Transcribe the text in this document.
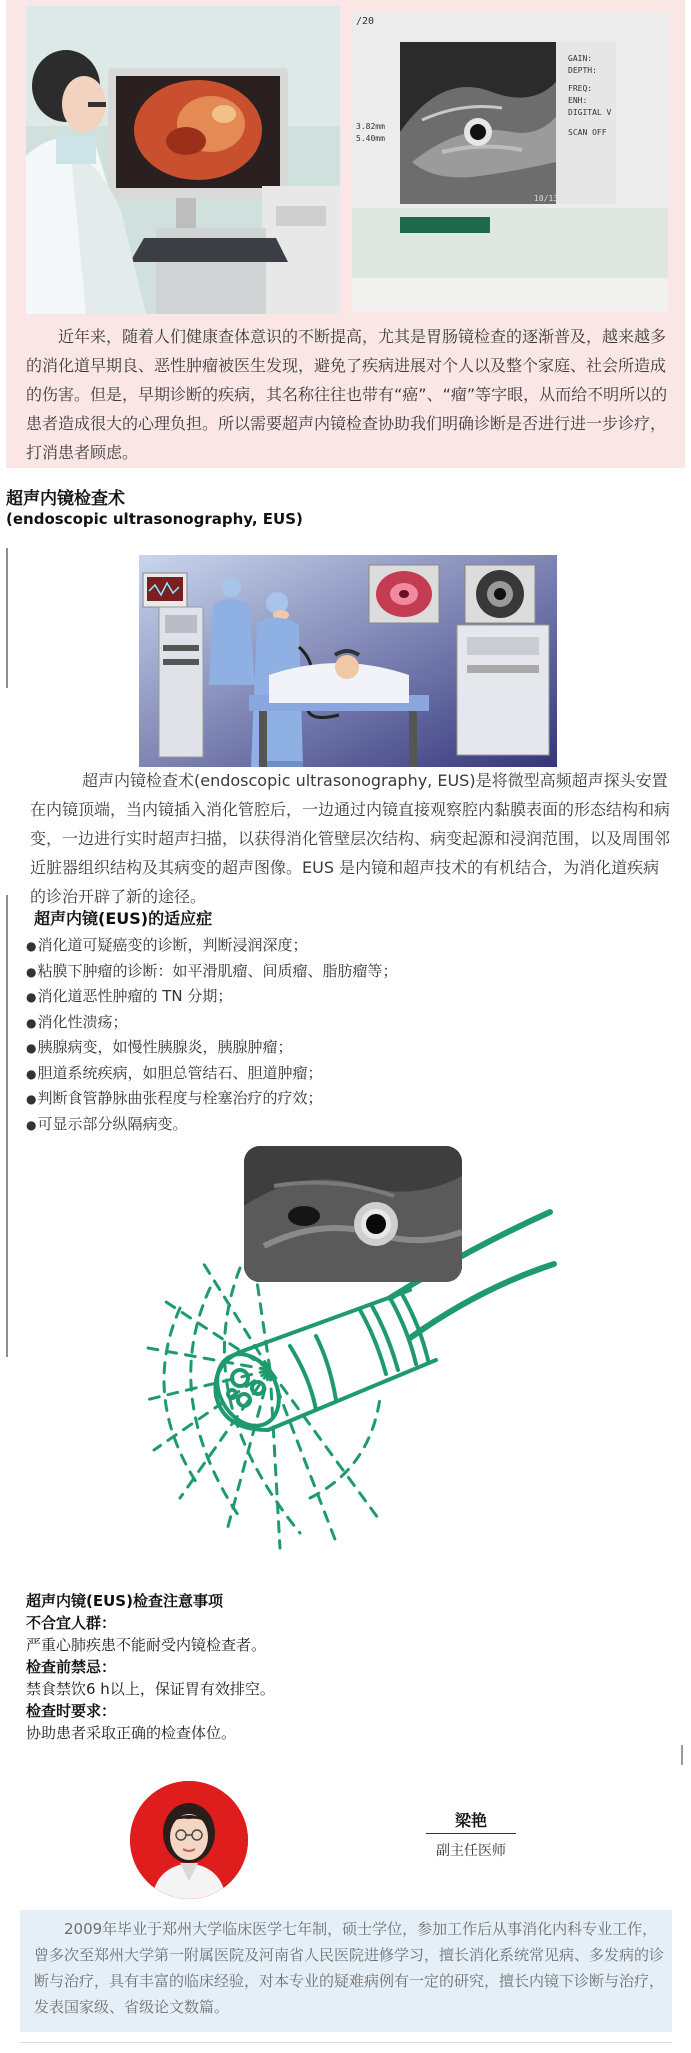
/20
GAIN:
DEPTH:
FREQ:
ENH:
DIGITAL V
SCAN OFF
3.82mm
5.40mm
10/13

近年来，随着人们健康查体意识的不断提高，尤其是胃肠镜检查的逐渐普及，越来越多的消化道早期良、恶性肿瘤被医生发现，避免了疾病进展对个人以及整个家庭、社会所造成的伤害。但是，早期诊断的疾病，其名称往往也带有“癌”、“瘤”等字眼，从而给不明所以的患者造成很大的心理负担。所以需要超声内镜检查协助我们明确诊断是否进行进一步诊疗，打消患者顾虑。

超声内镜检查术

(endoscopic ultrasonography, EUS)

超声内镜检查术(endoscopic ultrasonography, EUS)是将微型高频超声探头安置在内镜顶端，当内镜插入消化管腔后，一边通过内镜直接观察腔内黏膜表面的形态结构和病变，一边进行实时超声扫描，以获得消化管壁层次结构、病变起源和浸润范围，以及周围邻近脏器组织结构及其病变的超声图像。EUS 是内镜和超声技术的有机结合，为消化道疾病的诊治开辟了新的途径。

超声内镜(EUS)的适应症
● 消化道可疑癌变的诊断，判断浸润深度；
● 粘膜下肿瘤的诊断：如平滑肌瘤、间质瘤、脂肪瘤等；
● 消化道恶性肿瘤的 TN 分期；
● 消化性溃疡；
● 胰腺病变，如慢性胰腺炎，胰腺肿瘤；
● 胆道系统疾病，如胆总管结石、胆道肿瘤；
● 判断食管静脉曲张程度与栓塞治疗的疗效；
● 可显示部分纵隔病变。

超声内镜(EUS)检查注意事项

不合宜人群：

严重心肺疾患不能耐受内镜检查者。

检查前禁忌：

禁食禁饮6 h以上，保证胃有效排空。

检查时要求：

协助患者采取正确的检查体位。

梁艳

副主任医师

2009年毕业于郑州大学临床医学七年制，硕士学位，参加工作后从事消化内科专业工作，曾多次至郑州大学第一附属医院及河南省人民医院进修学习，擅长消化系统常见病、多发病的诊断与治疗，具有丰富的临床经验，对本专业的疑难病例有一定的研究，擅长内镜下诊断与治疗，发表国家级、省级论文数篇。
